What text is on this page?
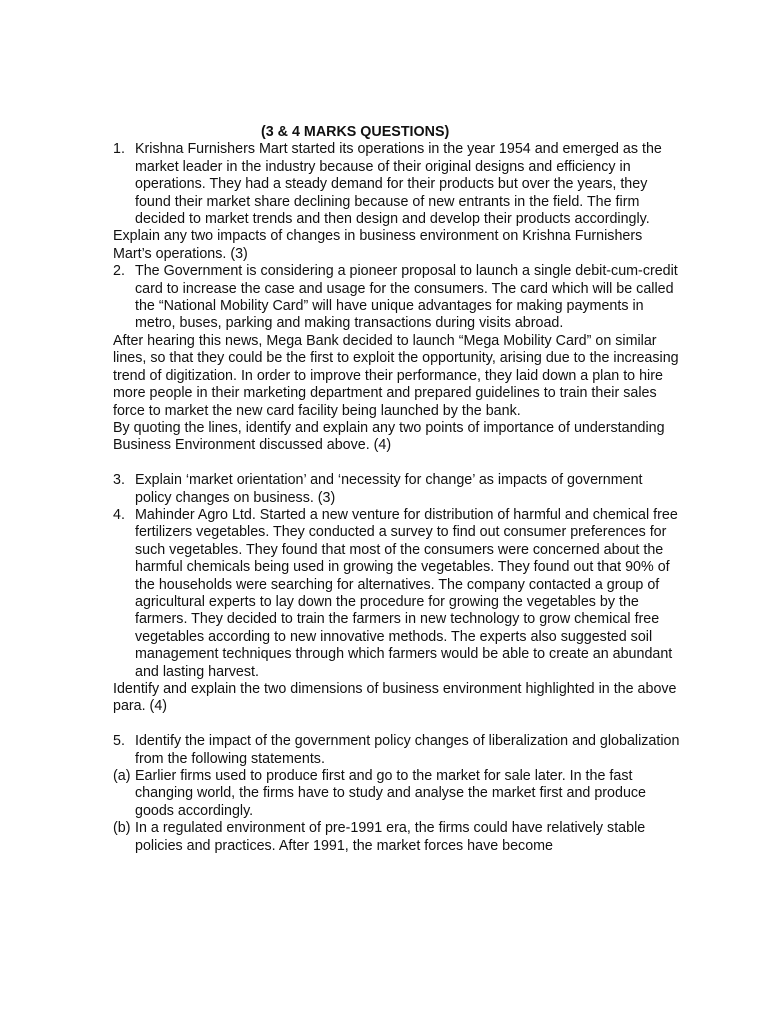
(3 & 4 MARKS QUESTIONS)

1. Krishna Furnishers Mart started its operations in the year 1954 and emerged as the market leader in the industry because of their original designs and efficiency in operations. They had a steady demand for their products but over the years, they found their market share declining because of new entrants in the field. The firm decided to market trends and then design and develop their products accordingly.

Explain any two impacts of changes in business environment on Krishna Furnishers Mart’s operations. (3)

2. The Government is considering a pioneer proposal to launch a single debit-cum-credit card to increase the case and usage for the consumers. The card which will be called the “National Mobility Card” will have unique advantages for making payments in metro, buses, parking and making transactions during visits abroad.

After hearing this news, Mega Bank decided to launch “Mega Mobility Card” on similar lines, so that they could be the first to exploit the opportunity, arising due to the increasing trend of digitization. In order to improve their performance, they laid down a plan to hire more people in their marketing department and prepared guidelines to train their sales force to market the new card facility being launched by the bank.

By quoting the lines, identify and explain any two points of importance of understanding Business Environment discussed above. (4)

3. Explain ‘market orientation’ and ‘necessity for change’ as impacts of government policy changes on business. (3)
4. Mahinder Agro Ltd. Started a new venture for distribution of harmful and chemical free fertilizers vegetables. They conducted a survey to find out consumer preferences for such vegetables. They found that most of the consumers were concerned about the harmful chemicals being used in growing the vegetables. They found out that 90% of the households were searching for alternatives. The company contacted a group of agricultural experts to lay down the procedure for growing the vegetables by the farmers. They decided to train the farmers in new technology to grow chemical free vegetables according to new innovative methods. The experts also suggested soil management techniques through which farmers would be able to create an abundant and lasting harvest.

Identify and explain the two dimensions of business environment highlighted in the above para. (4)

5. Identify the impact of the government policy changes of liberalization and globalization from the following statements.
(a) Earlier firms used to produce first and go to the market for sale later. In the fast changing world, the firms have to study and analyse the market first and produce goods accordingly.
(b) In a regulated environment of pre-1991 era, the firms could have relatively stable policies and practices. After 1991, the market forces have become
